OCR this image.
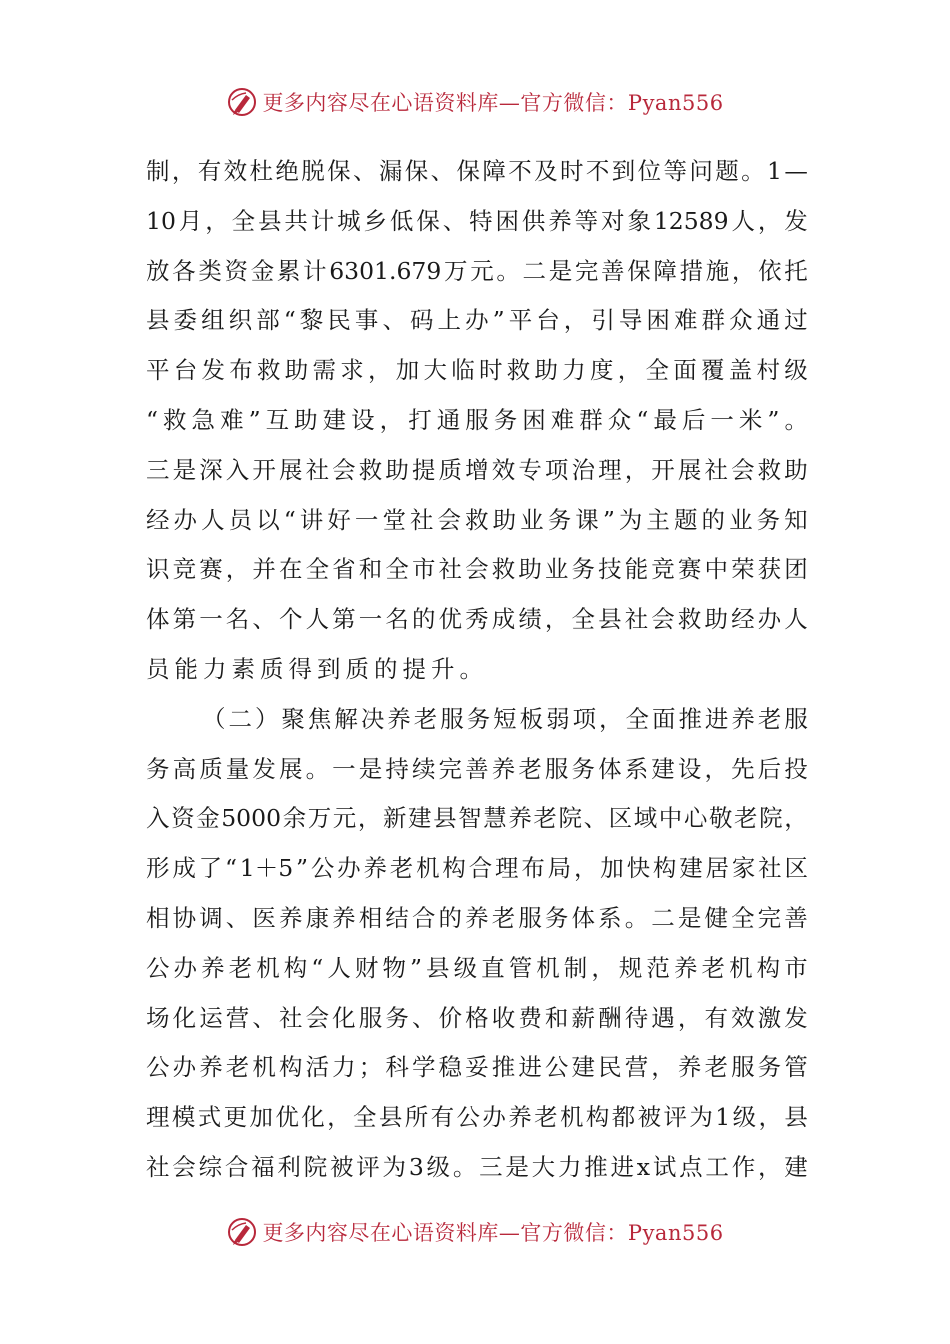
更多内容尽在心语资料库—官方微信：Pyan556
制 ， 有 效 杜 绝 脱 保 、 漏 保 、 保 障 不 及 时 不 到 位 等 问 题 。 1 —
10 月 ， 全 县 共 计 城 乡 低 保 、 特 困 供 养 等 对 象 12589 人 ， 发
放 各 类 资 金 累 计 6301.679 万 元 。 二 是 完 善 保 障 措 施 ， 依 托
县 委 组 织 部 “ 黎 民 事 、 码 上 办 ” 平 台 ， 引 导 困 难 群 众 通 过
平 台 发 布 救 助 需 求 ， 加 大 临 时 救 助 力 度 ， 全 面 覆 盖 村 级
“ 救 急 难 ” 互 助 建 设 ， 打 通 服 务 困 难 群 众 “ 最 后 一 米 ” 。
三 是 深 入 开 展 社 会 救 助 提 质 增 效 专 项 治 理 ， 开 展 社 会 救 助
经 办 人 员 以 “ 讲 好 一 堂 社 会 救 助 业 务 课 ” 为 主 题 的 业 务 知
识 竞 赛 ， 并 在 全 省 和 全 市 社 会 救 助 业 务 技 能 竞 赛 中 荣 获 团
体 第 一 名 、 个 人 第 一 名 的 优 秀 成 绩 ， 全 县 社 会 救 助 经 办 人
员能力素质得到质的提升。
（ 二 ） 聚 焦 解 决 养 老 服 务 短 板 弱 项 ， 全 面 推 进 养 老 服
务 高 质 量 发 展 。 一 是 持 续 完 善 养 老 服 务 体 系 建 设 ， 先 后 投
入 资 金 5000 余 万 元 ， 新 建 县 智 慧 养 老 院 、 区 域 中 心 敬 老 院 ，
形 成 了 “ 1＋5 ” 公 办 养 老 机 构 合 理 布 局 ， 加 快 构 建 居 家 社 区
相 协 调 、 医 养 康 养 相 结 合 的 养 老 服 务 体 系 。 二 是 健 全 完 善
公 办 养 老 机 构 “ 人 财 物 ” 县 级 直 管 机 制 ， 规 范 养 老 机 构 市
场 化 运 营 、 社 会 化 服 务 、 价 格 收 费 和 薪 酬 待 遇 ， 有 效 激 发
公 办 养 老 机 构 活 力 ； 科 学 稳 妥 推 进 公 建 民 营 ， 养 老 服 务 管
理 模 式 更 加 优 化 ， 全 县 所 有 公 办 养 老 机 构 都 被 评 为 1 级 ， 县
社 会 综 合 福 利 院 被 评 为 3 级 。 三 是 大 力 推 进 x 试 点 工 作 ， 建
更多内容尽在心语资料库—官方微信：Pyan556
